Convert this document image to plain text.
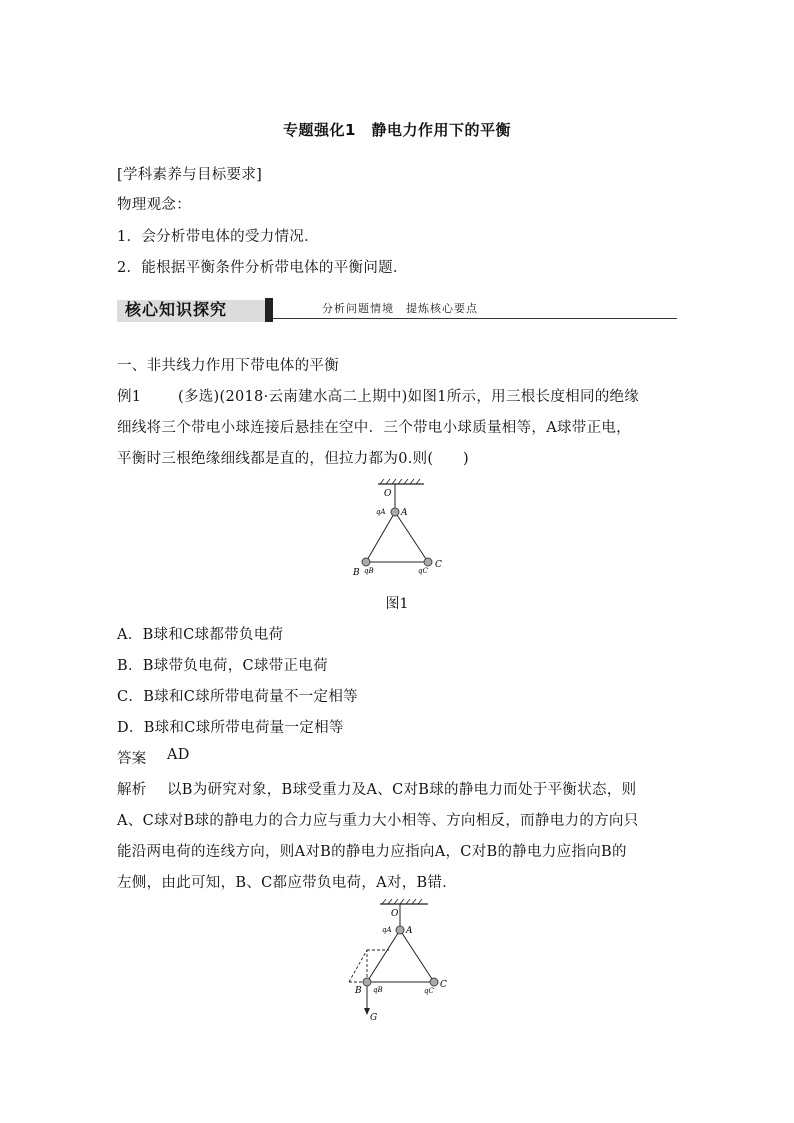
专题强化1　静电力作用下的平衡
[学科素养与目标要求]
物理观念：
1．会分析带电体的受力情况．
2．能根据平衡条件分析带电体的平衡问题．
核心知识探究	分析问题情境　提炼核心要点
一、非共线力作用下带电体的平衡
例1	(多选)(2018·云南建水高二上期中)如图1所示，用三根长度相同的绝缘
细线将三个带电小球连接后悬挂在空中．三个带电小球质量相等，A球带正电，
平衡时三根绝缘细线都是直的，但拉力都为0.则(　　)
O
A
qA
B qB	qC
C
图1
A．B球和C球都带负电荷
B．B球带负电荷，C球带正电荷
C．B球和C球所带电荷量不一定相等
D．B球和C球所带电荷量一定相等
答案 AD
解析 以B为研究对象，B球受重力及A、C对B球的静电力而处于平衡状态，则
A、C球对B球的静电力的合力应与重力大小相等、方向相反，而静电力的方向只
能沿两电荷的连线方向，则A对B的静电力应指向A，C对B的静电力应指向B的
左侧，由此可知，B、C都应带负电荷，A对，B错．
O
A
qA
B qB	qC
C
G
